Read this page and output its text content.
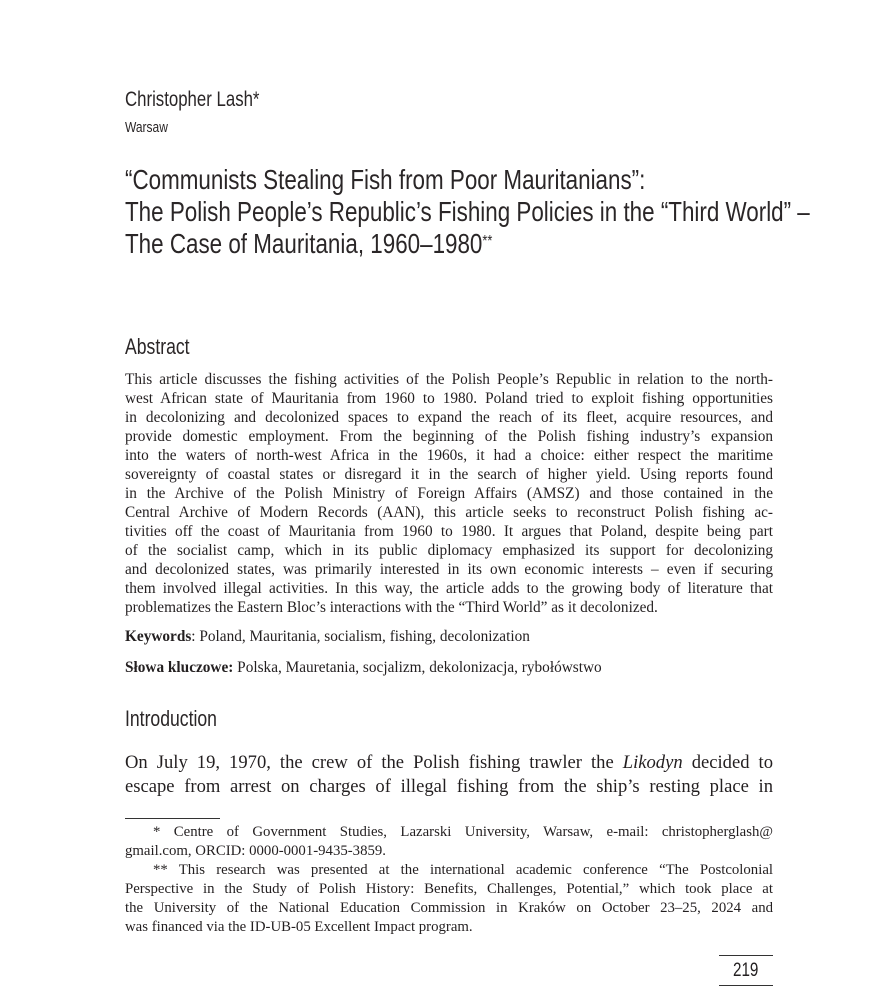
Christopher Lash*
Warsaw
“Communists Stealing Fish from Poor Mauritanians”:
The Polish People’s Republic’s Fishing Policies in the “Third World” –
The Case of Mauritania, 1960–1980**
Abstract
This article discusses the fishing activities of the Polish People’s Republic in relation to the north-
west African state of Mauritania from 1960 to 1980. Poland tried to exploit fishing opportunities
in decolonizing and decolonized spaces to expand the reach of its fleet, acquire resources, and
provide domestic employment. From the beginning of the Polish fishing industry’s expansion
into the waters of north-west Africa in the 1960s, it had a choice: either respect the maritime
sovereignty of coastal states or disregard it in the search of higher yield. Using reports found
in the Archive of the Polish Ministry of Foreign Affairs (AMSZ) and those contained in the
Central Archive of Modern Records (AAN), this article seeks to reconstruct Polish fishing ac-
tivities off the coast of Mauritania from 1960 to 1980. It argues that Poland, despite being part
of the socialist camp, which in its public diplomacy emphasized its support for decolonizing
and decolonized states, was primarily interested in its own economic interests – even if securing
them involved illegal activities. In this way, the article adds to the growing body of literature that
problematizes the Eastern Bloc’s interactions with the “Third World” as it decolonized.
Keywords: Poland, Mauritania, socialism, fishing, decolonization
Słowa kluczowe: Polska, Mauretania, socjalizm, dekolonizacja, rybołówstwo
Introduction
On July 19, 1970, the crew of the Polish fishing trawler the Likodyn decided to
escape from arrest on charges of illegal fishing from the ship’s resting place in
* Centre of Government Studies, Lazarski University, Warsaw, e-mail: christopherglash@
gmail.com, ORCID: 0000-0001-9435-3859.
** This research was presented at the international academic conference “The Postcolonial
Perspective in the Study of Polish History: Benefits, Challenges, Potential,” which took place at
the University of the National Education Commission in Kraków on October 23–25, 2024 and
was financed via the ID-UB-05 Excellent Impact program.
219
